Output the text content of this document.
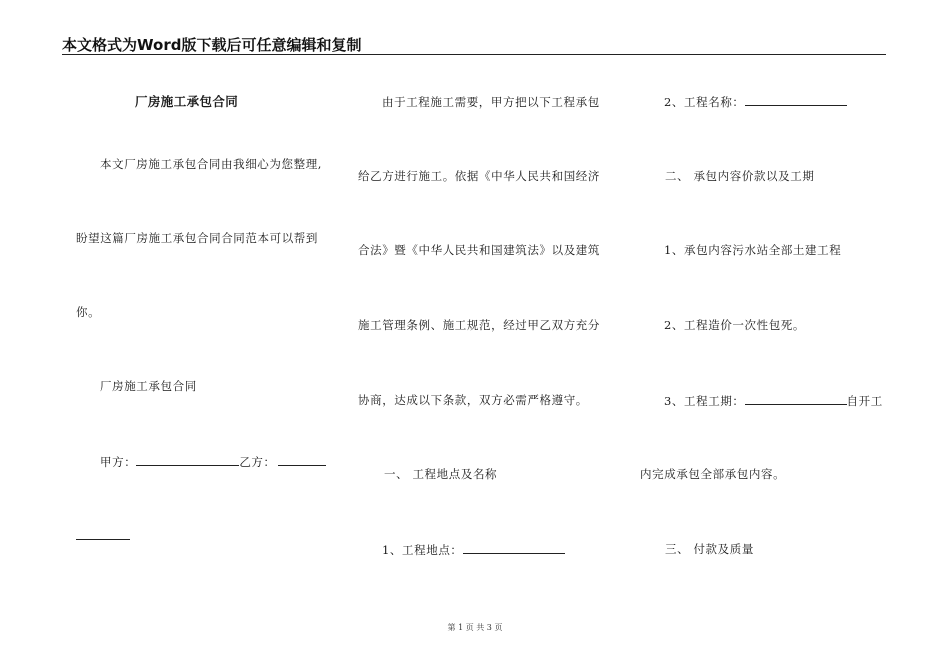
本文格式为Word版下载后可任意编辑和复制
厂房施工承包合同
本文厂房施工承包合同由我细心为您整理,
盼望这篇厂房施工承包合同合同范本可以帮到
你。
厂房施工承包合同
甲方：	乙方：
由于工程施工需要，甲方把以下工程承包
给乙方进行施工。依据《中华人民共和国经济
合法》暨《中华人民共和国建筑法》以及建筑
施工管理条例、施工规范，经过甲乙双方充分
协商，达成以下条款，双方必需严格遵守。
一、 工程地点及名称
1、工程地点：
2、工程名称：
二、 承包内容价款以及工期
1、承包内容污水站全部土建工程
2、工程造价一次性包死。
3、工程工期：	自开工
内完成承包全部承包内容。
三、 付款及质量
第 1 页 共 3 页
